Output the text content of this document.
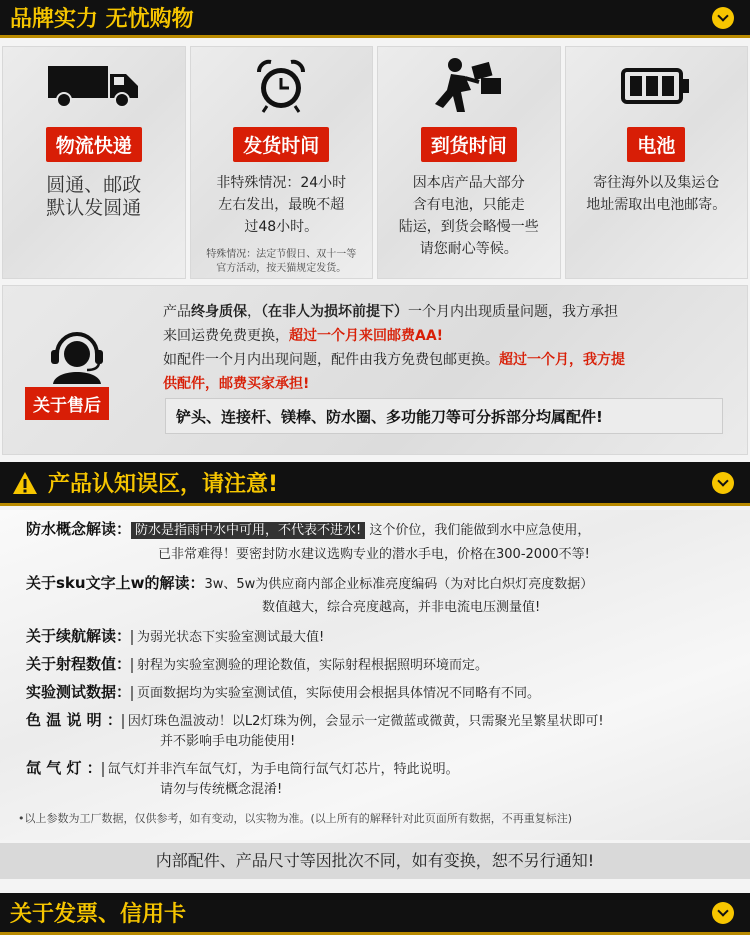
品牌实力 无忧购物
物流快递
圆通、邮政
默认发圆通
发货时间
非特殊情况：24小时
左右发出，最晚不超
过48小时。
特殊情况：法定节假日、双十一等
官方活动，按天猫规定发货。
到货时间
因本店产品大部分
含有电池，只能走
陆运，到货会略慢一些
请您耐心等候。
电池
寄往海外以及集运仓
地址需取出电池邮寄。
关于售后
产品终身质保，（在非人为损坏前提下）一个月内出现质量问题，我方承担
来回运费免费更换，超过一个月来回邮费AA!
如配件一个月内出现问题，配件由我方免费包邮更换。超过一个月，我方提
供配件，邮费买家承担!
铲头、连接杆、镁棒、防水圈、多功能刀等可分拆部分均属配件!
产品认知误区，请注意!
防水概念解读： 防水是指雨中水中可用，不代表不进水! 这个价位，我们能做到水中应急使用，
已非常难得！要密封防水建议选购专业的潜水手电，价格在300-2000不等!
关于sku文字上w的解读：3w、5w为供应商内部企业标准亮度编码（为对比白炽灯亮度数据）
数值越大，综合亮度越高，并非电流电压测量值!
关于续航解读： 为弱光状态下实验室测试最大值!
关于射程数值： 射程为实验室测验的理论数值，实际射程根据照明环境而定。
实验测试数据： 页面数据均为实验室测试值，实际使用会根据具体情况不同略有不同。
色 温 说 明 ： 因灯珠色温波动！以L2灯珠为例，会显示一定微蓝或微黄，只需聚光呈繁星状即可!
并不影响手电功能使用!
氙 气 灯 ： 氙气灯并非汽车氙气灯，为手电筒行氙气灯芯片，特此说明。
请勿与传统概念混淆!
•以上参数为工厂数据，仅供参考，如有变动，以实物为准。(以上所有的解释针对此页面所有数据，不再重复标注)
内部配件、产品尺寸等因批次不同，如有变换，恕不另行通知!
关于发票、信用卡
